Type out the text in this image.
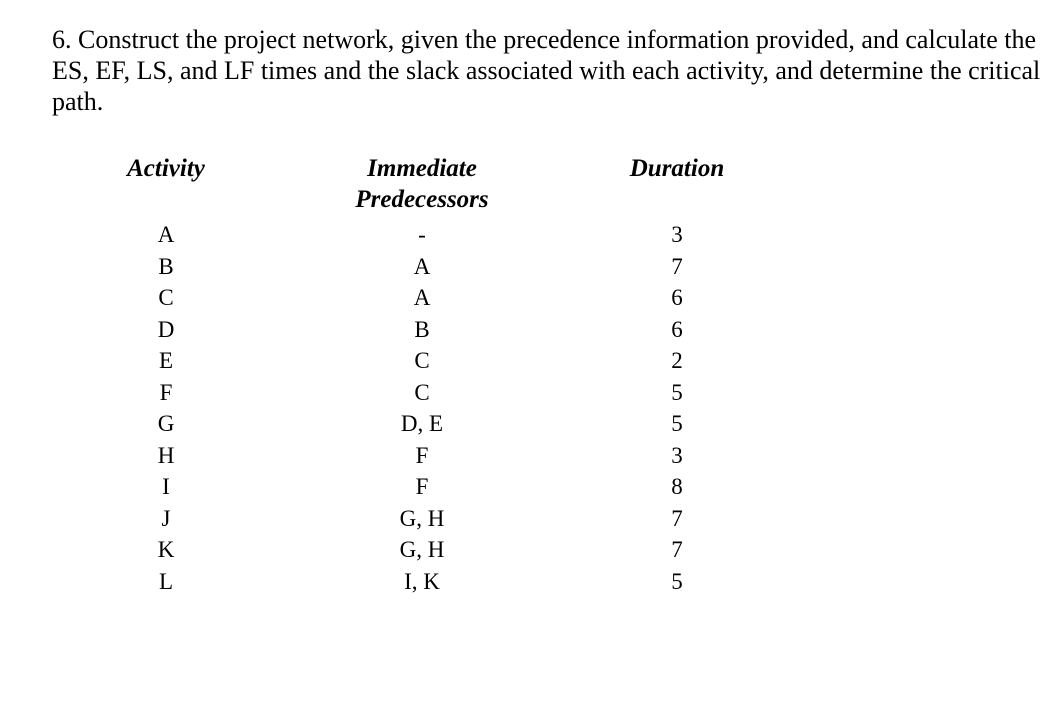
6. Construct the project network, given the precedence information provided, and calculate the ES, EF, LS, and LF times and the slack associated with each activity, and determine the critical path.

Activity	Immediate
Predecessors
Duration
A
B
C
D
E
F
G
H
I
J
K
L
-
A
A
B
C
C
D, E
F
F
G, H
G, H
I, K
3
7
6
6
2
5
5
3
8
7
7
5
